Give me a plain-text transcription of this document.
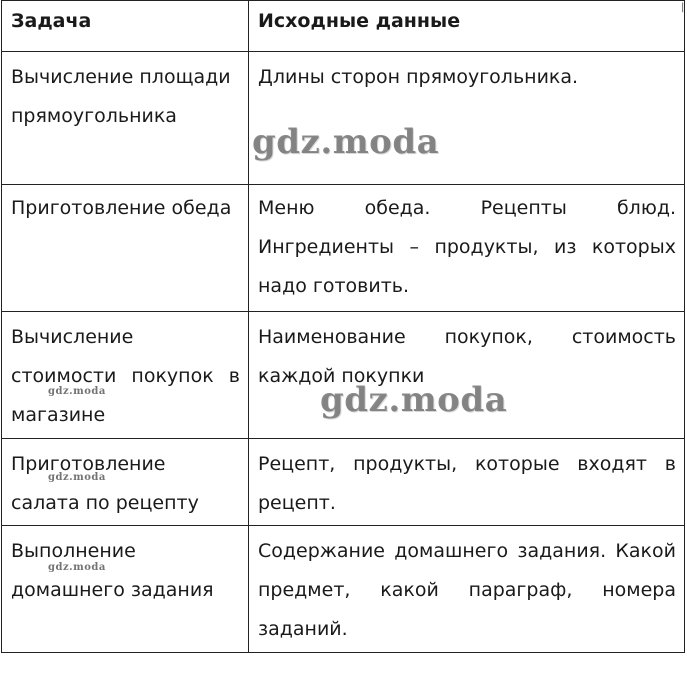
Задача	Исходные данные
Вычисление площади прямоугольника	Длины сторон прямоугольника.
Приготовление обеда	Меню обеда. Рецепты блюд. Ингредиенты – продукты, из которых надо готовить.
Вычисление стоимости покупок в магазине	Наименование покупок, стоимость каждой покупки
Приготовление салата по рецепту	Рецепт, продукты, которые входят в рецепт.
Выполнение домашнего задания	Содержание домашнего задания. Какой предмет, какой параграф, номера заданий.
gdz.moda
gdz.moda
gdz.moda
gdz.moda
gdz.moda
|
